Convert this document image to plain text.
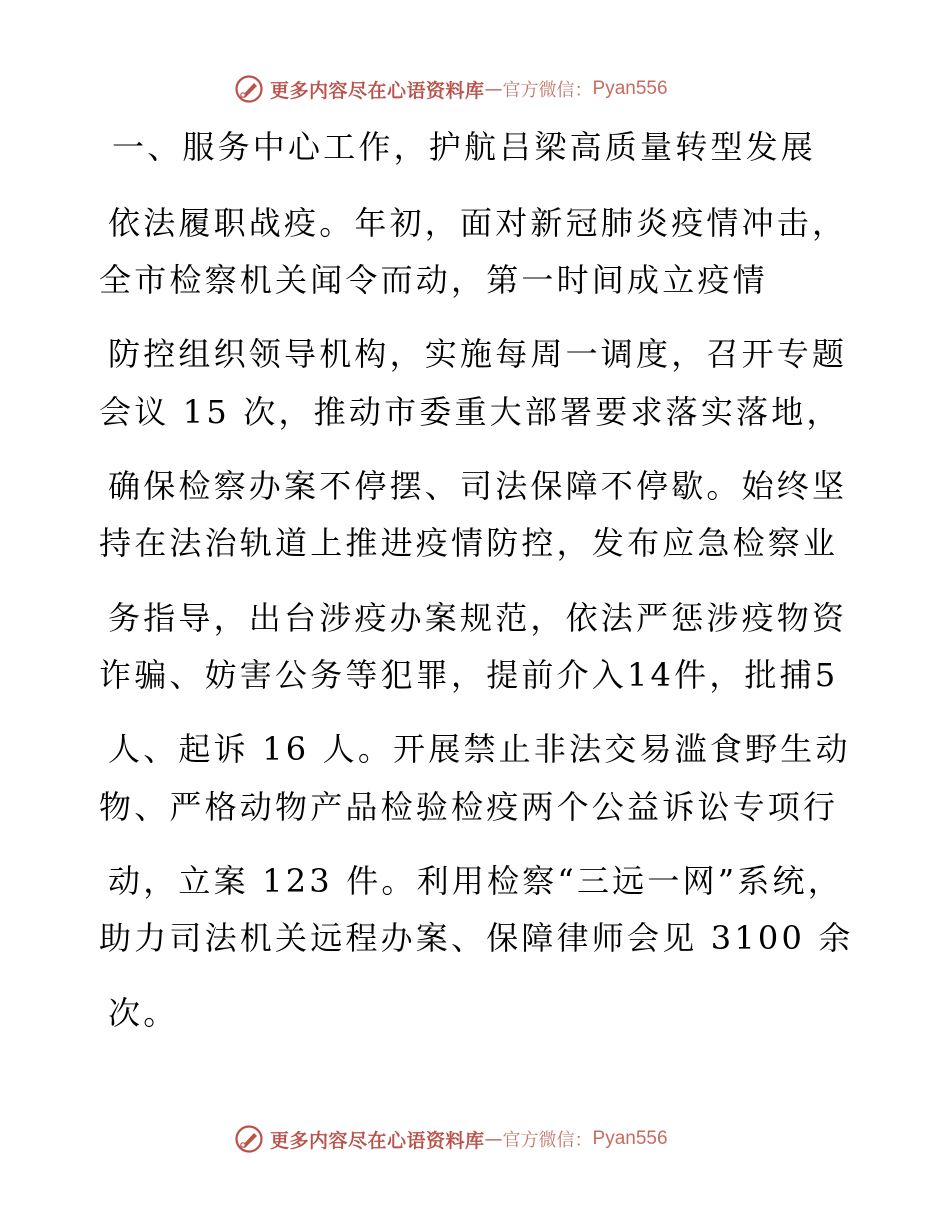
更多内容尽在心语资料库 — 官方微信： Pyan556
一、服务中心工作，护航吕梁高质量转型发展
依法履职战疫。年初，面对新冠肺炎疫情冲击，
全市检察机关闻令而动，第一时间成立疫情
防控组织领导机构，实施每周一调度，召开专题
会议 15 次，推动市委重大部署要求落实落地，
确保检察办案不停摆、司法保障不停歇。始终坚
持在法治轨道上推进疫情防控，发布应急检察业
务指导，出台涉疫办案规范，依法严惩涉疫物资
诈骗、妨害公务等犯罪，提前介入14件，批捕5
人、起诉 16 人。开展禁止非法交易滥食野生动
物、严格动物产品检验检疫两个公益诉讼专项行
动，立案 123 件。利用检察“三远一网”系统，
助力司法机关远程办案、保障律师会见 3100 余
次。
更多内容尽在心语资料库 — 官方微信： Pyan556
